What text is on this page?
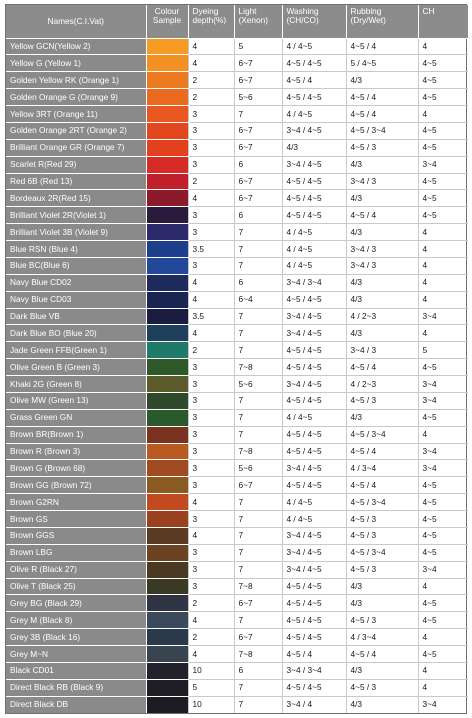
Names(C.I.Vat)	Colour Sample	Dyeing depth(%)	Light (Xenon)	Washing (CH/CO)	Rubbing (Dry/Wet)	CH
Yellow GCN(Yellow 2)		4	5	4 / 4~5	4~5 / 4	4
Yellow G (Yellow 1)		4	6~7	4~5 / 4~5	5 / 4~5	4~5
Golden Yellow RK (Orange 1)		2	6~7	4~5 / 4	4/3	4~5
Golden Orange G (Orange 9)		2	5~6	4~5 / 4~5	4~5 / 4	4~5
Yellow 3RT (Orange 11)		3	7	4 / 4~5	4~5 / 4	4
Golden Orange 2RT (Orange 2)		3	6~7	3~4 / 4~5	4~5 / 3~4	4~5
Brilliant Orange GR (Orange 7)		3	6~7	4/3	4~5 / 3	4~5
Scarlet R(Red 29)		3	6	3~4 / 4~5	4/3	3~4
Red 6B (Red 13)		2	6~7	4~5 / 4~5	3~4 / 3	4~5
Bordeaux 2R(Red 15)		4	6~7	4~5 / 4~5	4/3	4~5
Brilliant Violet 2R(Violet 1)		3	6	4~5 / 4~5	4~5 / 4	4~5
Brilliant Violet 3B (Violet 9)		3	7	4 / 4~5	4/3	4
Blue RSN (Blue 4)		3.5	7	4 / 4~5	3~4 / 3	4
Blue BC(Blue 6)		3	7	4 / 4~5	3~4 / 3	4
Navy Blue CD02		4	6	3~4 / 3~4	4/3	4
Navy Blue CD03		4	6~4	4~5 / 4~5	4/3	4
Dark Blue VB		3.5	7	3~4 / 4~5	4 / 2~3	3~4
Dark Blue BO (Blue 20)		4	7	3~4 / 4~5	4/3	4
Jade Green FFB(Green 1)		2	7	4~5 / 4~5	3~4 / 3	5
Olive Green B (Green 3)		3	7~8	4~5 / 4~5	4~5 / 4	4~5
Khaki 2G (Green 8)		3	5~6	3~4 / 4~5	4 / 2~3	3~4
Olive MW (Green 13)		3	7	4~5 / 4~5	4~5 / 3	3~4
Grass Green GN		3	7	4 / 4~5	4/3	4~5
Brown BR(Brown 1)		3	7	4~5 / 4~5	4~5 / 3~4	4
Brown R (Brown 3)		3	7~8	4~5 / 4~5	4~5 / 4	3~4
Brown G (Brown 68)		3	5~6	3~4 / 4~5	4 / 3~4	3~4
Brown GG (Brown 72)		3	6~7	4~5 / 4~5	4~5 / 4	4~5
Brown G2RN		4	7	4 / 4~5	4~5 / 3~4	4~5
Brown GS		3	7	4 / 4~5	4~5 / 3	4~5
Brown GGS		4	7	3~4 / 4~5	4~5 / 3	4~5
Brown LBG		3	7	3~4 / 4~5	4~5 / 3~4	4~5
Olive R (Black 27)		3	7	3~4 / 4~5	4~5 / 3	3~4
Olive T (Black 25)		3	7~8	4~5 / 4~5	4/3	4
Grey BG (Black 29)		2	6~7	4~5 / 4~5	4/3	4~5
Grey M (Black 8)		4	7	4~5 / 4~5	4~5 / 3	4~5
Grey 3B (Black 16)		2	6~7	4~5 / 4~5	4 / 3~4	4
Grey M~N		4	7~8	4~5 / 4	4~5 / 4	4~5
Black CD01		10	6	3~4 / 3~4	4/3	4
Direct Black RB (Black 9)		5	7	4~5 / 4~5	4~5 / 3	4
Direct Black DB		10	7	3~4 / 4	4/3	3~4
